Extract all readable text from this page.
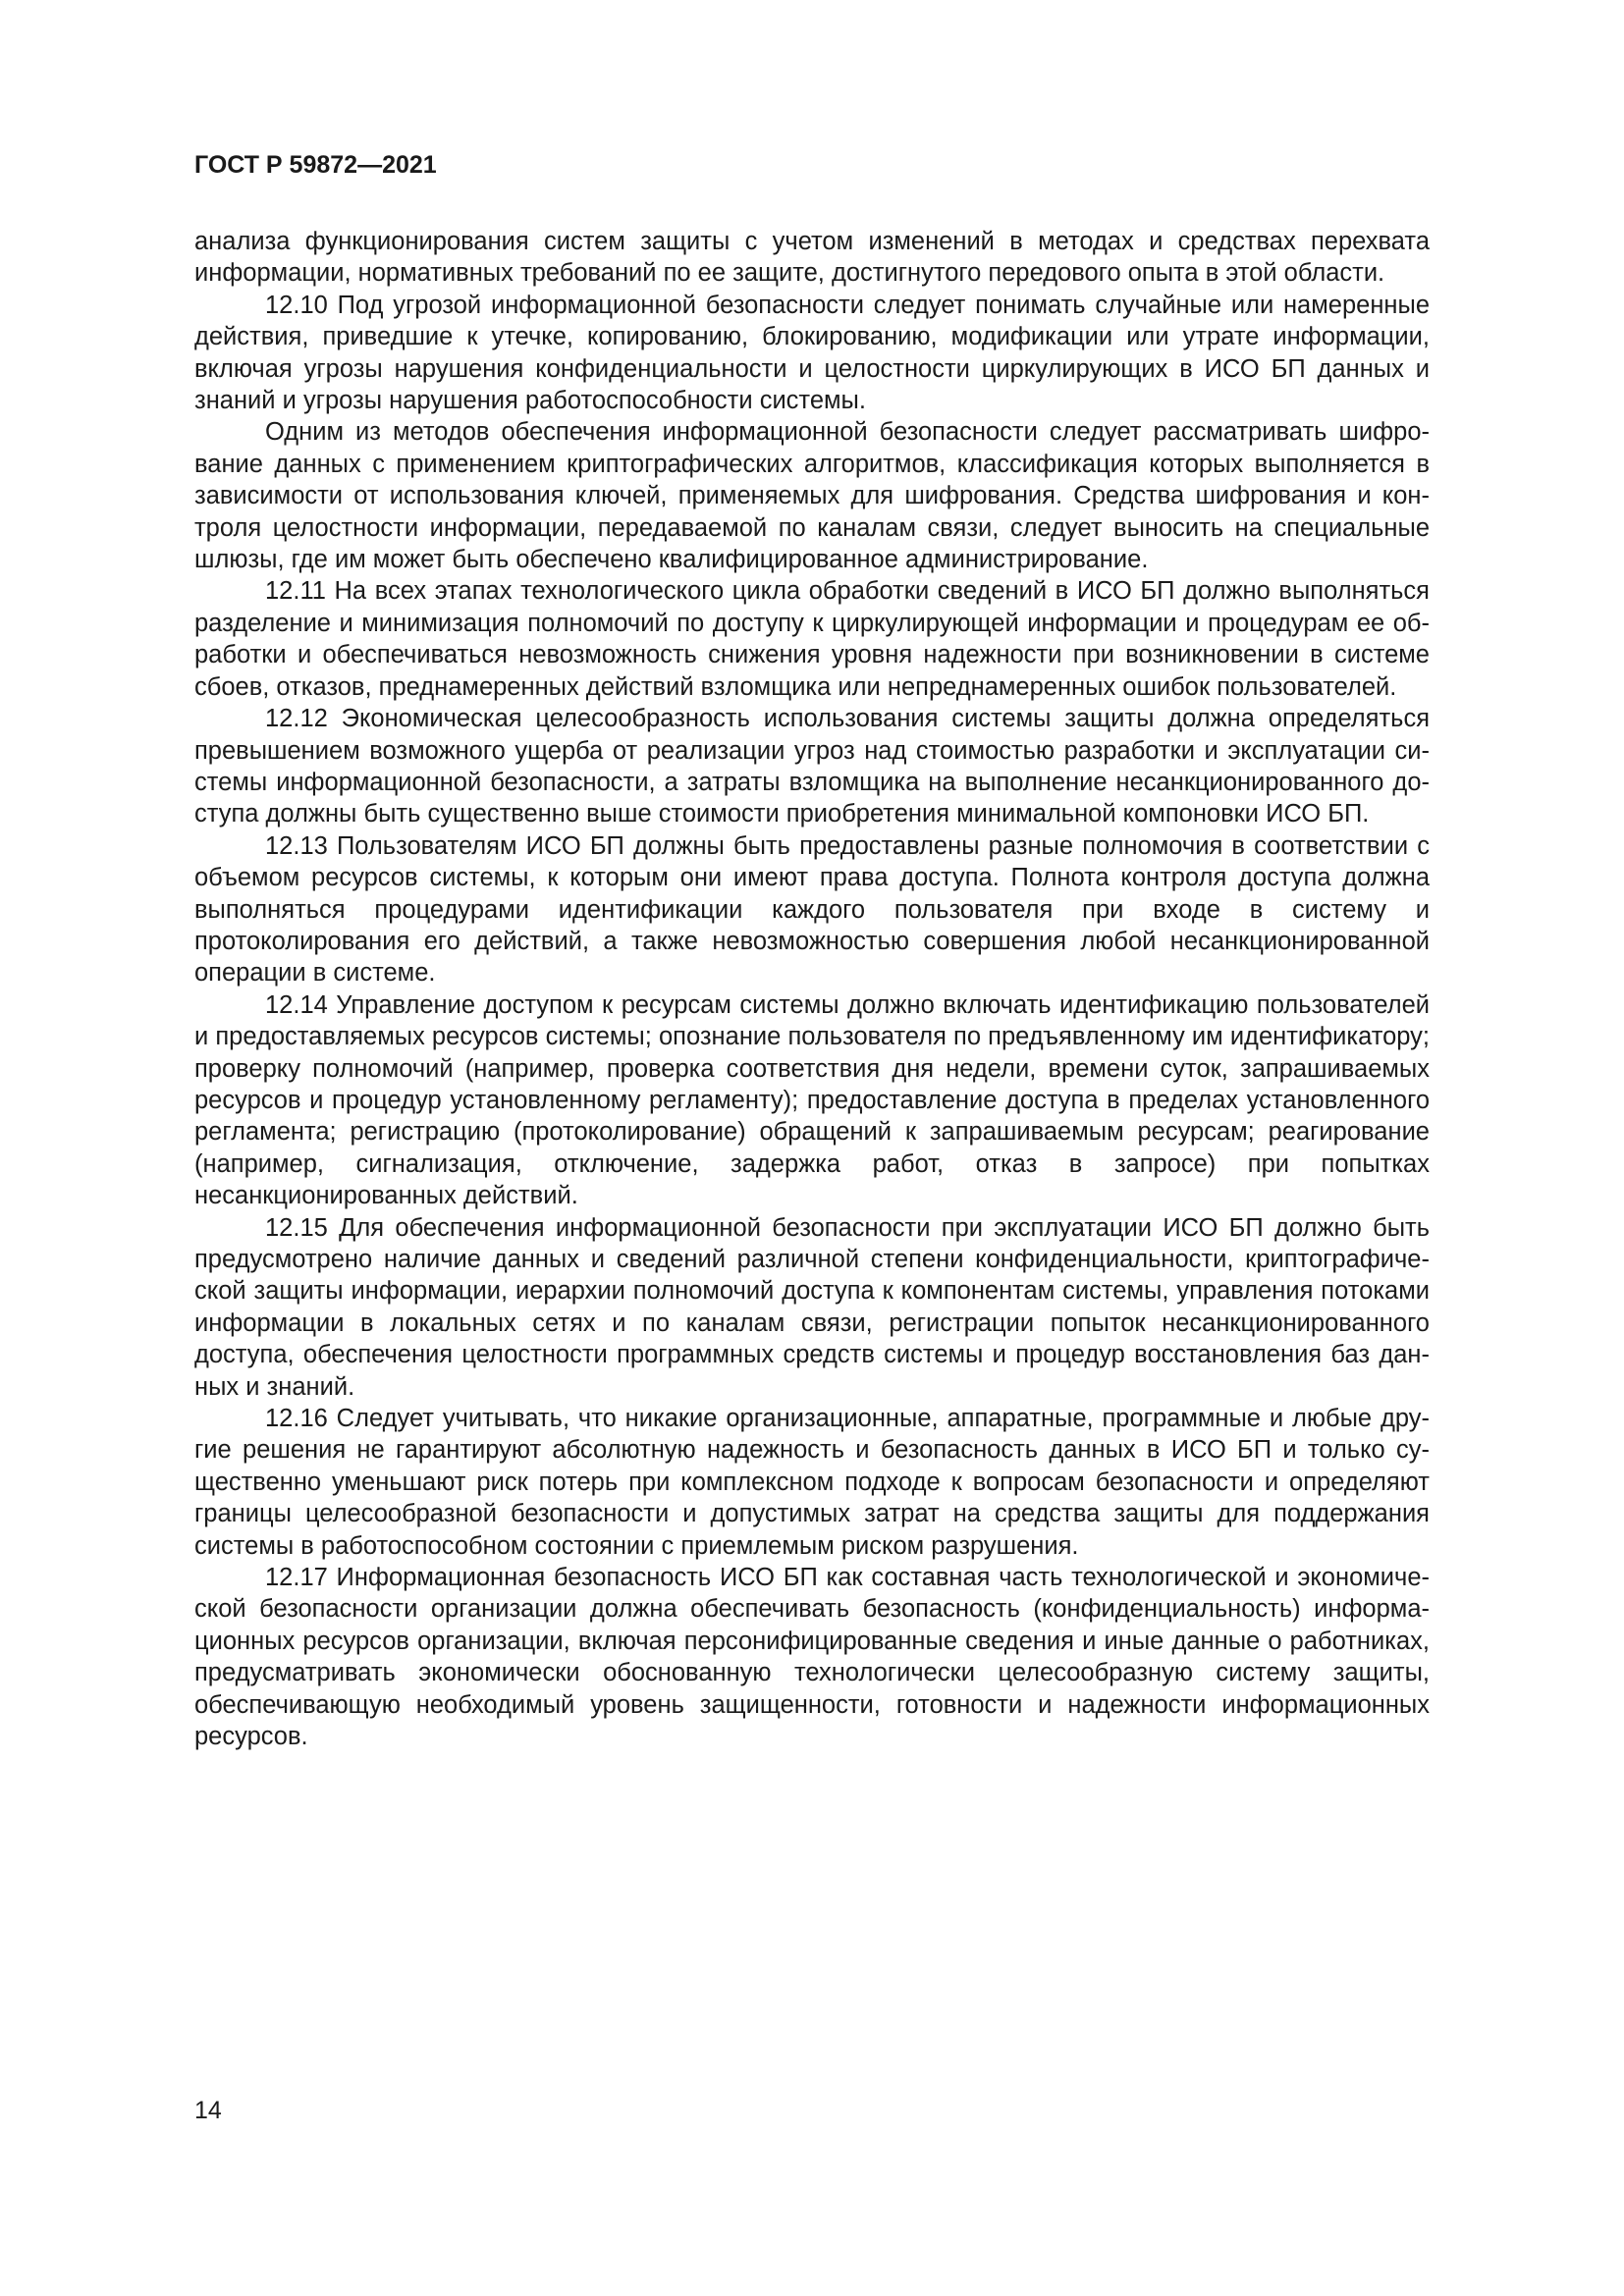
ГОСТ Р 59872—2021

анализа функционирования систем защиты с учетом изменений в методах и средствах перехвата информации, нормативных требований по ее защите, достигнутого передового опыта в этой области.

12.10 Под угрозой информационной безопасности следует понимать случайные или намеренные действия, приведшие к утечке, копированию, блокированию, модификации или утрате информации, включая угрозы нарушения конфиденциальности и целостности циркулирующих в ИСО БП данных и знаний и угрозы нарушения работоспособности системы.

Одним из методов обеспечения информационной безопасности следует рассматривать шифрование данных с применением криптографических алгоритмов, классификация которых выполняется в зависимости от использования ключей, применяемых для шифрования. Средства шифрования и контроля целостности информации, передаваемой по каналам связи, следует выносить на специальные шлюзы, где им может быть обеспечено квалифицированное администрирование.

12.11 На всех этапах технологического цикла обработки сведений в ИСО БП должно выполняться разделение и минимизация полномочий по доступу к циркулирующей информации и процедурам ее обработки и обеспечиваться невозможность снижения уровня надежности при возникновении в системе сбоев, отказов, преднамеренных действий взломщика или непреднамеренных ошибок пользователей.

12.12 Экономическая целесообразность использования системы защиты должна определяться превышением возможного ущерба от реализации угроз над стоимостью разработки и эксплуатации системы информационной безопасности, а затраты взломщика на выполнение несанкционированного доступа должны быть существенно выше стоимости приобретения минимальной компоновки ИСО БП.

12.13 Пользователям ИСО БП должны быть предоставлены разные полномочия в соответствии с объемом ресурсов системы, к которым они имеют права доступа. Полнота контроля доступа должна выполняться процедурами идентификации каждого пользователя при входе в систему и протоколирования его действий, а также невозможностью совершения любой несанкционированной операции в системе.

12.14 Управление доступом к ресурсам системы должно включать идентификацию пользователей и предоставляемых ресурсов системы; опознание пользователя по предъявленному им идентификатору; проверку полномочий (например, проверка соответствия дня недели, времени суток, запрашиваемых ресурсов и процедур установленному регламенту); предоставление доступа в пределах установленного регламента; регистрацию (протоколирование) обращений к запрашиваемым ресурсам; реагирование (например, сигнализация, отключение, задержка работ, отказ в запросе) при попытках несанкционированных действий.

12.15 Для обеспечения информационной безопасности при эксплуатации ИСО БП должно быть предусмотрено наличие данных и сведений различной степени конфиденциальности, криптографической защиты информации, иерархии полномочий доступа к компонентам системы, управления потоками информации в локальных сетях и по каналам связи, регистрации попыток несанкционированного доступа, обеспечения целостности программных средств системы и процедур восстановления баз данных и знаний.

12.16 Следует учитывать, что никакие организационные, аппаратные, программные и любые другие решения не гарантируют абсолютную надежность и безопасность данных в ИСО БП и только существенно уменьшают риск потерь при комплексном подходе к вопросам безопасности и определяют границы целесообразной безопасности и допустимых затрат на средства защиты для поддержания системы в работоспособном состоянии с приемлемым риском разрушения.

12.17 Информационная безопасность ИСО БП как составная часть технологической и экономической безопасности организации должна обеспечивать безопасность (конфиденциальность) информационных ресурсов организации, включая персонифицированные сведения и иные данные о работниках, предусматривать экономически обоснованную технологически целесообразную систему защиты, обеспечивающую необходимый уровень защищенности, готовности и надежности информационных ресурсов.

14
